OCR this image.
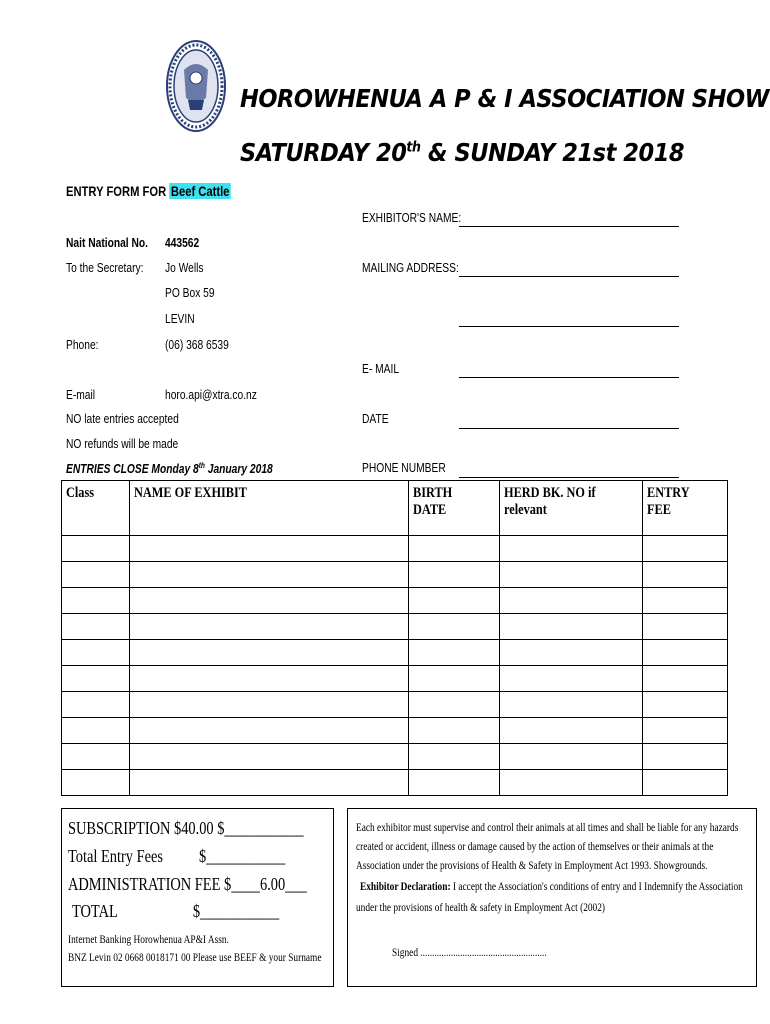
HOROWHENUA A P & I ASSOCIATION SHOW
SATURDAY 20th & SUNDAY 21st 2018
ENTRY FORM FOR Beef Cattle
Nait National No. 443562
To the Secretary: Jo Wells
PO Box 59
LEVIN
Phone:	(06) 368 6539
E-mail	horo.api@xtra.co.nz
NO late entries accepted
NO refunds will be made
ENTRIES CLOSE Monday 8th January 2018
EXHIBITOR'S NAME:
MAILING ADDRESS:
E- MAIL
DATE
PHONE NUMBER
Class	NAME OF EXHIBIT	BIRTH DATE	HERD BK. NO if relevant	ENTRY FEE

SUBSCRIPTION $40.00 $___________
Total Entry Fees          $___________
ADMINISTRATION FEE $____6.00___
TOTAL                     $___________
Internet Banking Horowhenua AP&I Assn.
BNZ Levin 02 0668 0018171 00 Please use BEEF & your Surname
Each exhibitor must supervise and control their animals at all times and shall be liable for any hazards
created or accident, illness or damage caused by the action of themselves or their animals at the
Association under the provisions of Health & Safety in Employment Act 1993. Showgrounds.
Exhibitor Declaration: I accept the Association's conditions of entry and I Indemnify the Association
under the provisions of health & safety in Employment Act (2002)
Signed ......................................................
